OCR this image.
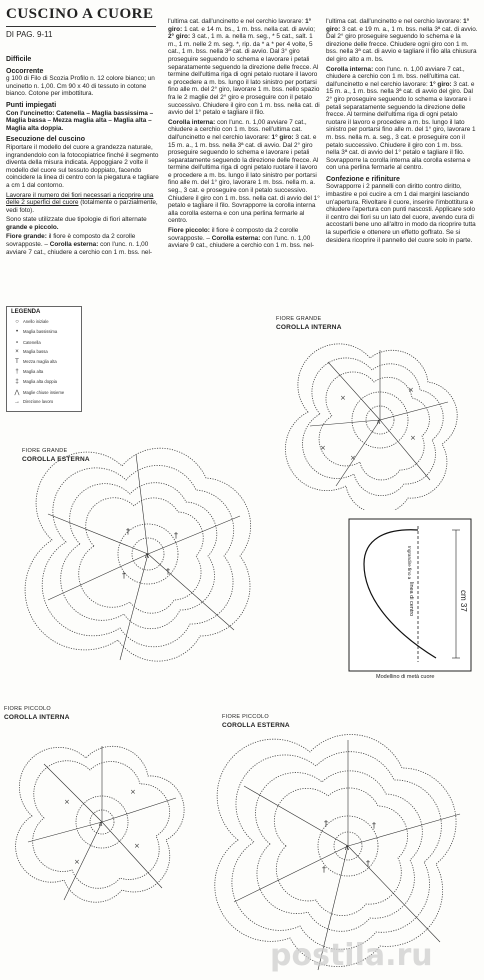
CUSCINO A CUORE
DI PAG. 9-11
Difficile
Occorrente

g 100 di Filo di Scozia Profilo n. 12 colore bianco; un uncinetto n. 1,00. Cm 90 x 40 di tessuto in cotone bianco. Cotone per imbottitura.

Punti impiegati

Con l'uncinetto: Catenella – Maglia bassissima – Maglia bassa – Mezza maglia alta – Maglia alta – Maglia alta doppia.

Esecuzione del cuscino

Riportare il modello del cuore a grandezza naturale, ingrandendolo con la fotocopiatrice finché il segmento diventa della misura indicata. Appoggiare 2 volte il modello del cuore sul tessuto doppiato, facendo coincidere la linea di centro con la piegatura e tagliare a cm 1 dal contorno.

Lavorare il numero dei fiori necessari a ricoprire una delle 2 superfici del cuore (totalmente o parzialmente, vedi foto).

Sono state utilizzate due tipologie di fiori alternate grande e piccolo.

Fiore grande: il fiore è composto da 2 corolle sovrapposte. – Corolla esterna: con l'unc. n. 1,00 avviare 7 cat., chiudere a cerchio con 1 m. bss. nel-

l'ultima cat. dall'uncinetto e nel cerchio lavorare: 1° giro: 1 cat. e 14 m. bs., 1 m. bss. nella cat. di avvio; 2° giro: 3 cat., 1 m. a. nella m. seg., * 5 cat., salt. 1 m., 1 m. nelle 2 m. seg. *, rip. da * a * per 4 volte, 5 cat., 1 m. bss. nella 3ª cat. di avvio. Dal 3° giro proseguire seguendo lo schema e lavorare i petali separatamente seguendo la direzione delle frecce. Al termine dell'ultima riga di ogni petalo ruotare il lavoro e procedere a m. bs. lungo il lato sinistro per portarsi fino alle m. del 2° giro, lavorare 1 m. bss. nello spazio fra le 2 maglie del 2° giro e proseguire con il petalo successivo. Chiudere il giro con 1 m. bss. nella cat. di avvio del 1° petalo e tagliare il filo.

Corolla interna: con l'unc. n. 1,00 avviare 7 cat., chiudere a cerchio con 1 m. bss. nell'ultima cat. dall'uncinetto e nel cerchio lavorare: 1° giro: 3 cat. e 15 m. a., 1 m. bss. nella 3ª cat. di avvio. Dal 2° giro proseguire seguendo lo schema e lavorare i petali separatamente seguendo la direzione delle frecce. Al termine dell'ultima riga di ogni petalo ruotare il lavoro e procedere a m. bs. lungo il lato sinistro per portarsi fino alle m. del 1° giro, lavorare 1 m. bss. nella m. a. seg., 3 cat. e proseguire con il petalo successivo. Chiudere il giro con 1 m. bss. nella cat. di avvio del 1° petalo e tagliare il filo. Sovrapporre la corolla interna alla corolla esterna e con una perlina fermarle al centro.

Fiore piccolo: il fiore è composto da 2 corolle sovrapposte. – Corolla esterna: con l'unc. n. 1,00 avviare 9 cat., chiudere a cerchio con 1 m. bss. nel-

l'ultima cat. dall'uncinetto e nel cerchio lavorare: 1° giro: 3 cat. e 19 m. a., 1 m. bss. nella 3ª cat. di avvio. Dal 2° giro proseguire seguendo lo schema e la direzione delle frecce. Chiudere ogni giro con 1 m. bss. nella 3ª cat. di avvio e tagliare il filo alla chiusura del giro alto a m. bs.

Corolla interna: con l'unc. n. 1,00 avviare 7 cat., chiudere a cerchio con 1 m. bss. nell'ultima cat. dall'uncinetto e nel cerchio lavorare: 1° giro: 3 cat. e 15 m. a., 1 m. bss. nella 3ª cat. di avvio del giro. Dal 2° giro proseguire seguendo lo schema e lavorare i petali separatamente seguendo la direzione delle frecce. Al termine dell'ultima riga di ogni petalo ruotare il lavoro e procedere a m. bs. lungo il lato sinistro per portarsi fino alle m. del 1° giro, lavorare 1 m. bss. nella m. a. seg., 3 cat. e proseguire con il petalo successivo. Chiudere il giro con 1 m. bss. nella 3ª cat. di avvio del 1° petalo e tagliare il filo. Sovrapporre la corolla interna alla corolla esterna e con una perlina fermarle al centro.

Confezione e rifiniture

Sovrapporre i 2 pannelli con diritto contro diritto, imbastire e poi cucire a cm 1 dai margini lasciando un'apertura. Rivoltare il cuore, inserire l'imbottitura e chiudere l'apertura con punti nascosti. Applicare solo il centro dei fiori su un lato del cuore, avendo cura di accostarli bene uno all'altro in modo da ricoprire tutta la superficie e ottenere un effetto goffrato. Se si desidera ricoprire il pannello del cuore solo in parte.

LEGENDA
○ Anello iniziale
• Maglia bassissima
∘ Catenella
× Maglia bassa
T Mezza maglia alta
† Maglia alta
‡ Maglia alta doppia
⋀ Maglie chiuse insieme
→ Direzione lavoro
FIORE GRANDE
COROLLA INTERNA
FIORE GRANDE
COROLLA ESTERNA
FIORE PICCOLO
COROLLA INTERNA	FIORE PICCOLO
COROLLA ESTERNA
∧
×
×
×
×
×
∧
†
†
†
†	Ingrandire fino a
cm 37
linea di centro
Modellino di metà cuore
∧
×
×
×
×
∧
†
†
†
†
postila.ru
